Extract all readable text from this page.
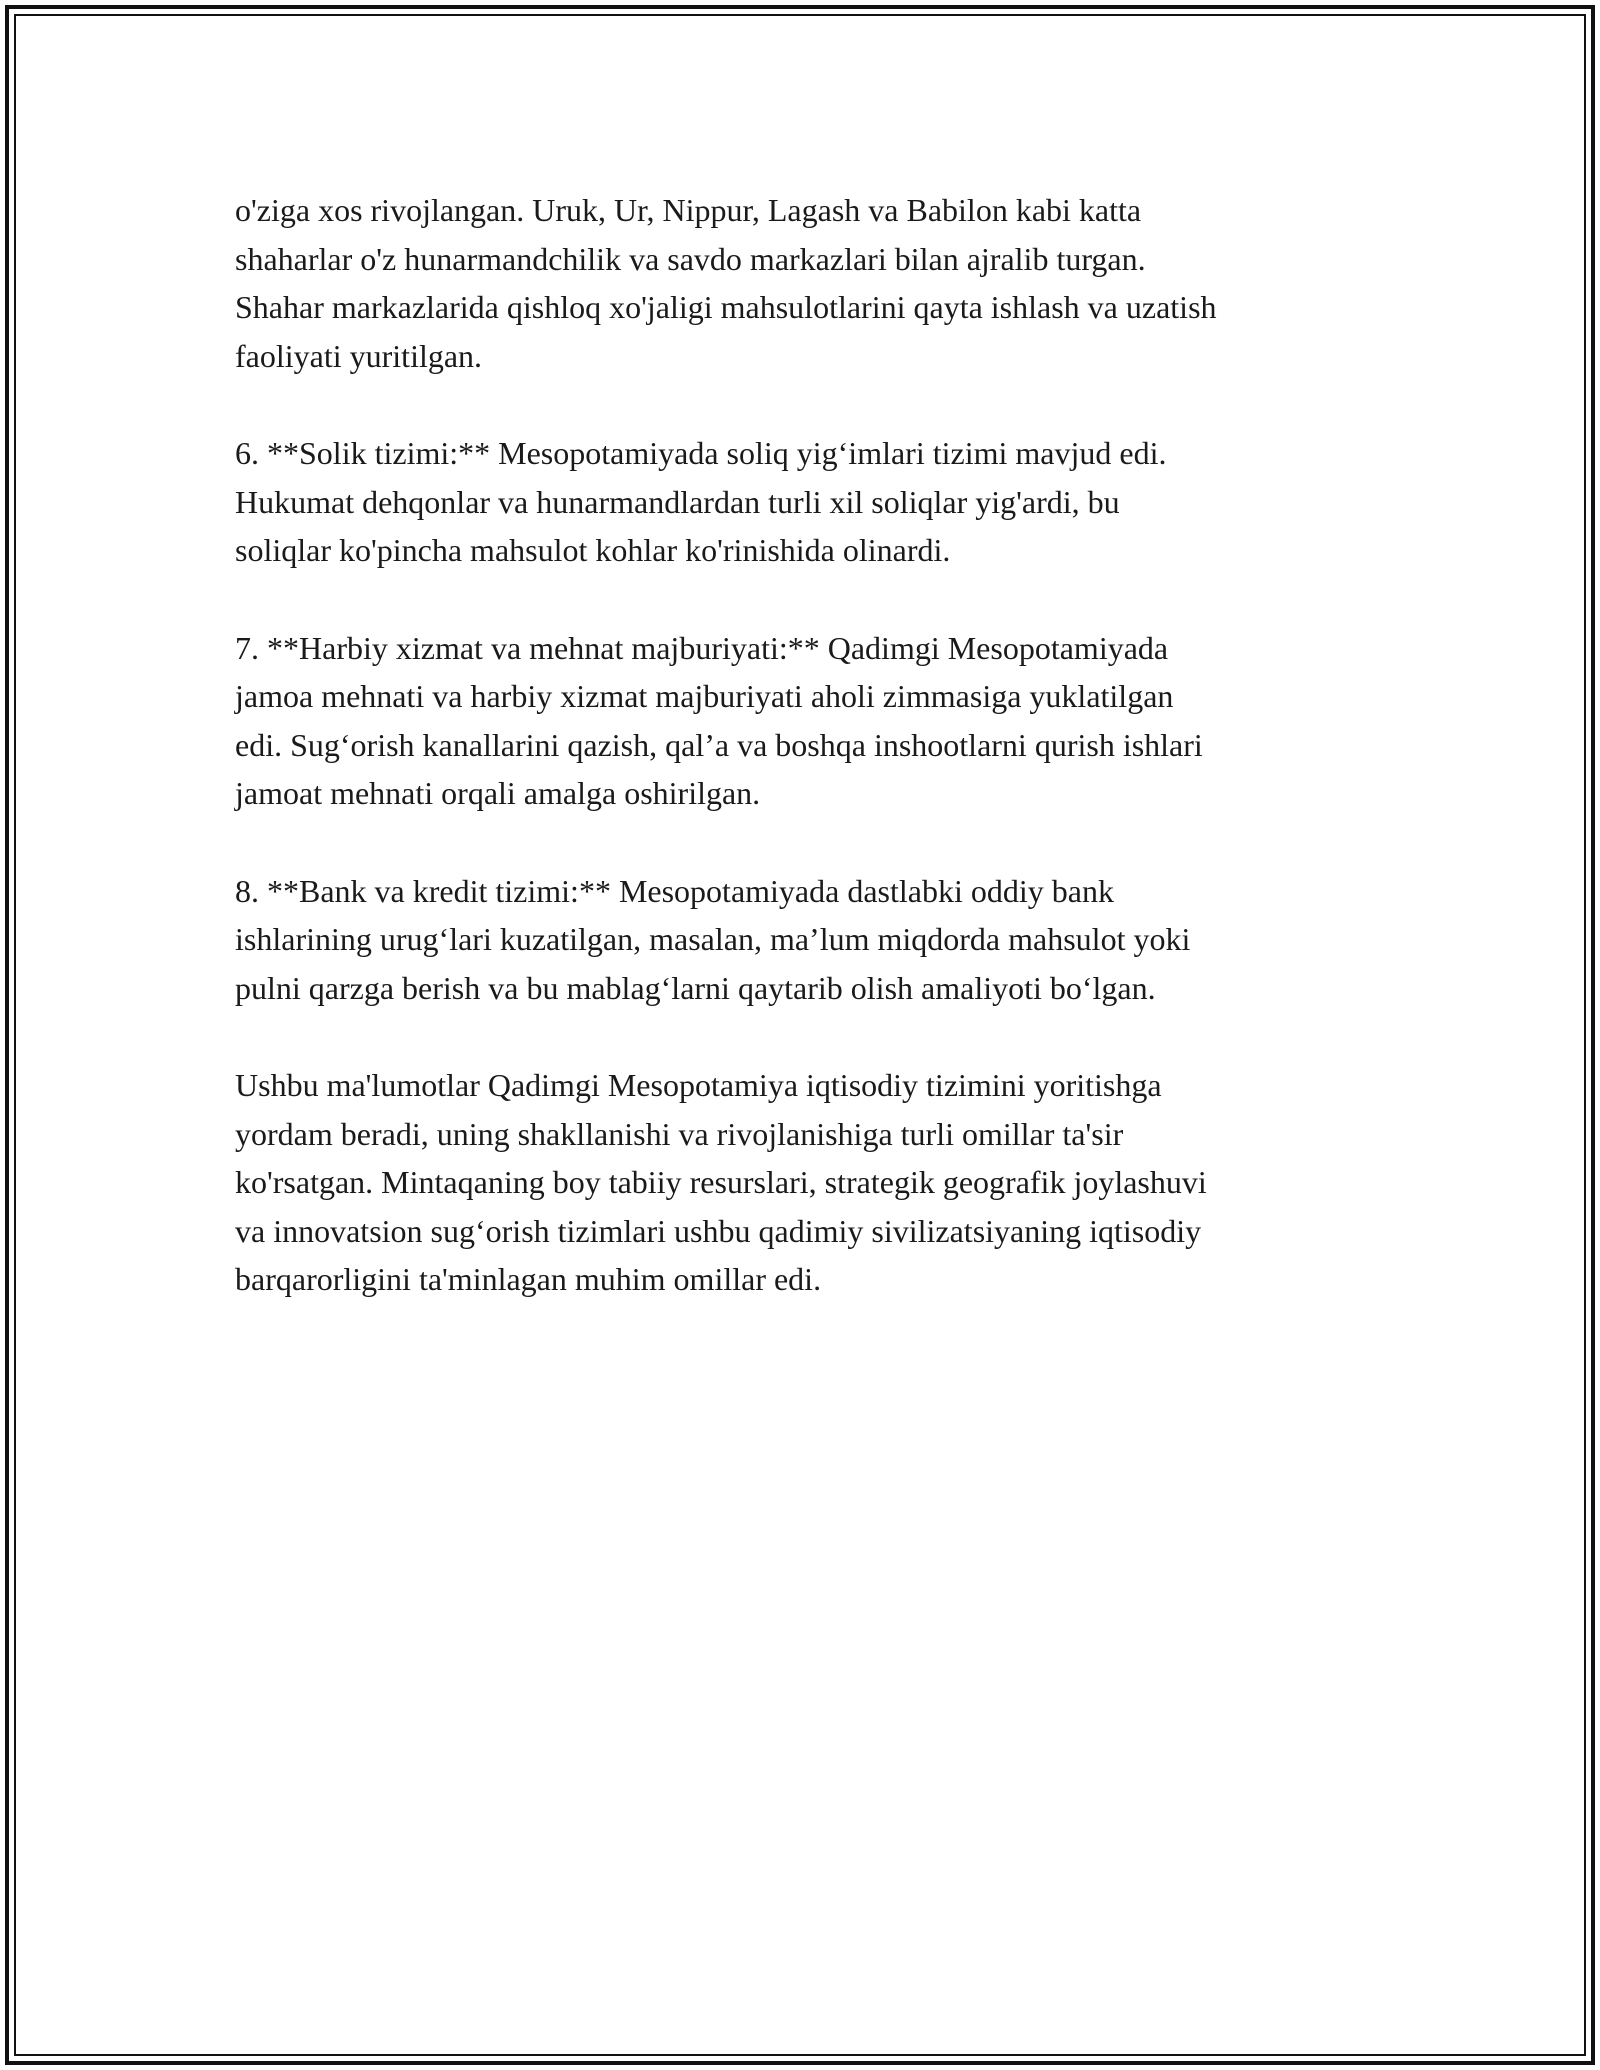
o'ziga xos rivojlangan. Uruk, Ur, Nippur, Lagash va Babilon kabi katta
shaharlar o'z hunarmandchilik va savdo markazlari bilan ajralib turgan.
Shahar markazlarida qishloq xo'jaligi mahsulotlarini qayta ishlash va uzatish
faoliyati yuritilgan.

6. **Solik tizimi:** Mesopotamiyada soliq yig‘imlari tizimi mavjud edi.
Hukumat dehqonlar va hunarmandlardan turli xil soliqlar yig'ardi, bu
soliqlar ko'pincha mahsulot kohlar ko'rinishida olinardi.

7. **Harbiy xizmat va mehnat majburiyati:** Qadimgi Mesopotamiyada
jamoa mehnati va harbiy xizmat majburiyati aholi zimmasiga yuklatilgan
edi. Sug‘orish kanallarini qazish, qal’a va boshqa inshootlarni qurish ishlari
jamoat mehnati orqali amalga oshirilgan.

8. **Bank va kredit tizimi:** Mesopotamiyada dastlabki oddiy bank
ishlarining urug‘lari kuzatilgan, masalan, ma’lum miqdorda mahsulot yoki
pulni qarzga berish va bu mablag‘larni qaytarib olish amaliyoti bo‘lgan.

Ushbu ma'lumotlar Qadimgi Mesopotamiya iqtisodiy tizimini yoritishga
yordam beradi, uning shakllanishi va rivojlanishiga turli omillar ta'sir
ko'rsatgan. Mintaqaning boy tabiiy resurslari, strategik geografik joylashuvi
va innovatsion sug‘orish tizimlari ushbu qadimiy sivilizatsiyaning iqtisodiy
barqarorligini ta'minlagan muhim omillar edi.
